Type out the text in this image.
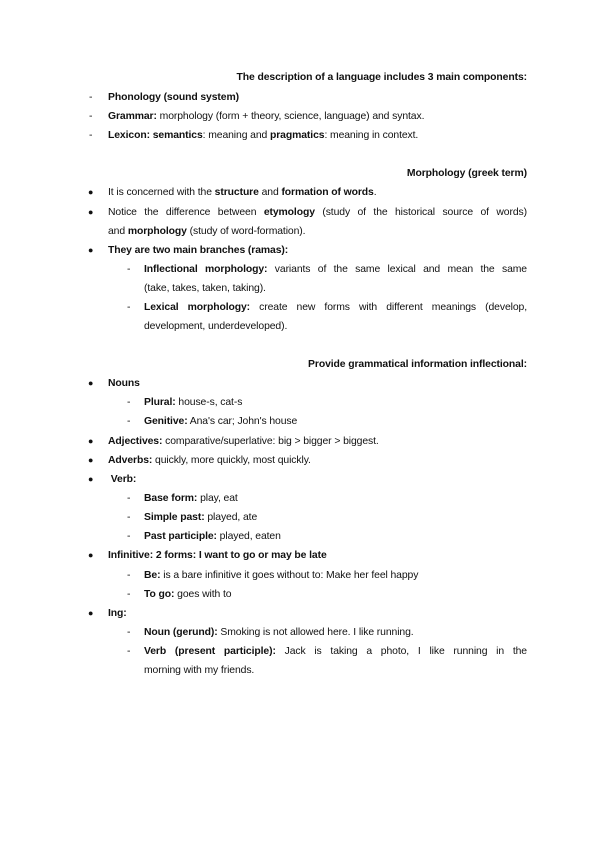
The description of a language includes 3 main components:
- Phonology (sound system)
- Grammar: morphology (form + theory, science, language) and syntax.
- Lexicon: semantics: meaning and pragmatics: meaning in context.
Morphology (greek term)
● It is concerned with the structure and formation of words.
● Notice the difference between etymology (study of the historical source of words)
and morphology (study of word-formation).
● They are two main branches (ramas):
- Inflectional morphology: variants of the same lexical and mean the same
(take, takes, taken, taking).
- Lexical morphology: create new forms with different meanings (develop,
development, underdeveloped).
Provide grammatical information inflectional:
● Nouns
- Plural: house-s, cat-s
- Genitive: Ana's car; John's house
● Adjectives: comparative/superlative: big > bigger > biggest.
● Adverbs: quickly, more quickly, most quickly.
● Verb:
- Base form: play, eat
- Simple past: played, ate
- Past participle: played, eaten
● Infinitive: 2 forms: I want to go or may be late
- Be: is a bare infinitive it goes without to: Make her feel happy
- To go: goes with to
● Ing:
- Noun (gerund): Smoking is not allowed here. I like running.
- Verb (present participle): Jack is taking a photo, I like running in the
morning with my friends.
